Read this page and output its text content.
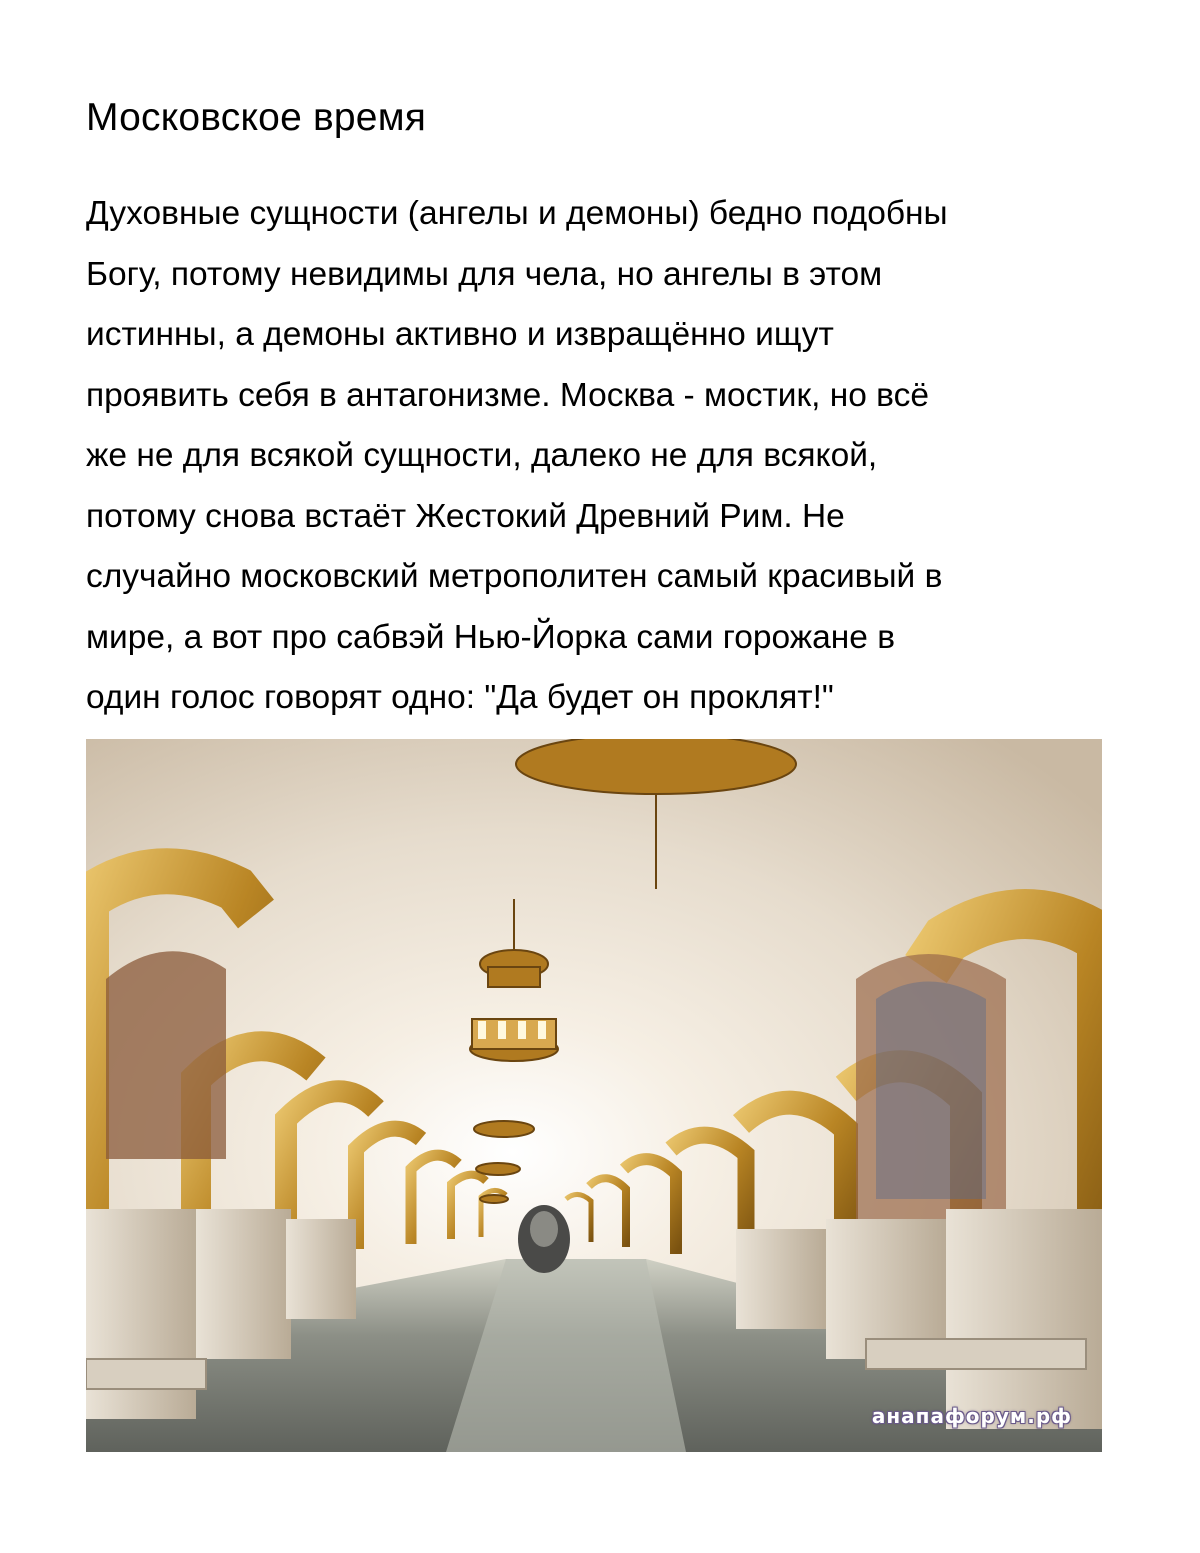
Московское время

Духовные сущности (ангелы и демоны) бедно подобны
Богу, потому невидимы для чела, но ангелы в этом
истинны, а демоны активно и извращённо ищут
проявить себя в антагонизме. Москва - мостик, но всё
же не для всякой сущности, далеко не для всякой,
потому снова встаёт Жестокий Древний Рим. Не
случайно московский метрополитен самый красивый в
мире, а вот про сабвэй Нью-Йорка сами горожане в
один голос говорят одно: "Да будет он проклят!"

анапафорум.рф
